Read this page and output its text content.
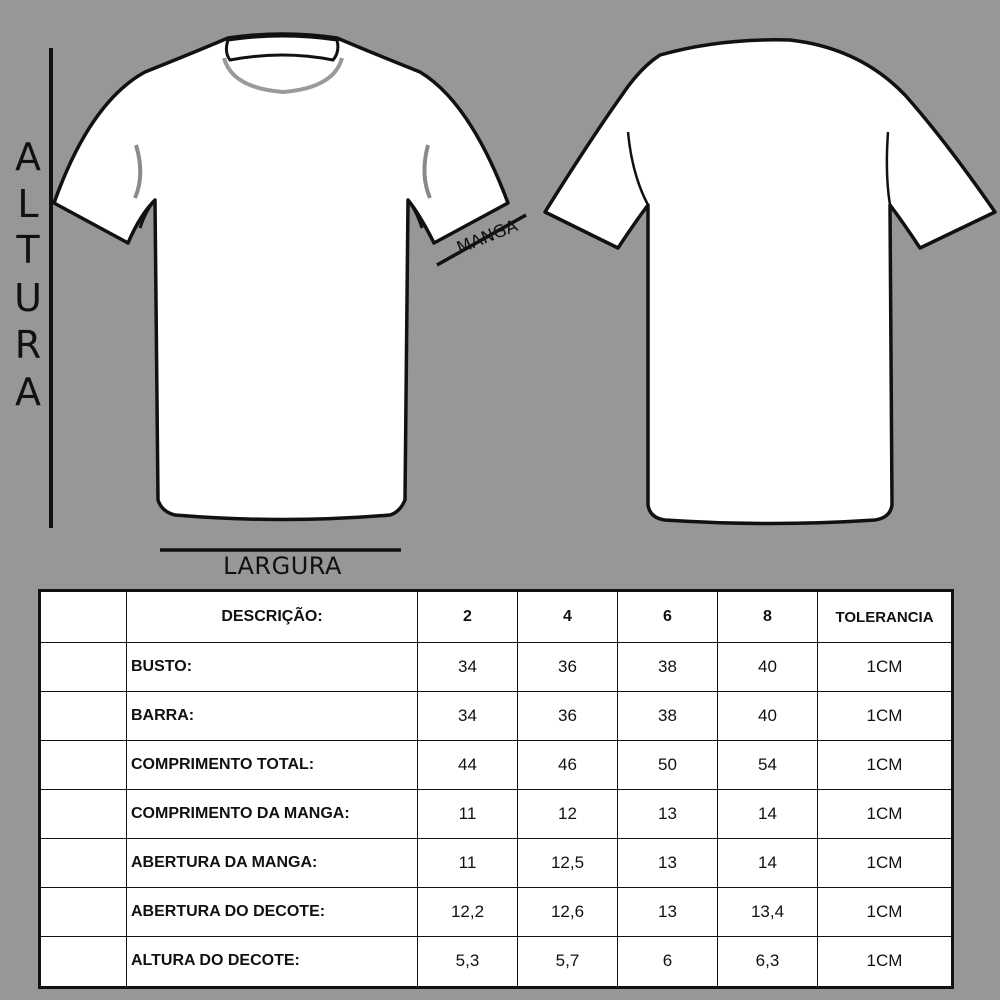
A
L
T
U
R
A
LARGURA
MANGA
	DESCRIÇÃO:	2	4	6	8	TOLERANCIA
	BUSTO:	34	36	38	40	1CM
	BARRA:	34	36	38	40	1CM
	COMPRIMENTO TOTAL:	44	46	50	54	1CM
	COMPRIMENTO DA MANGA:	11	12	13	14	1CM
	ABERTURA DA MANGA:	11	12,5	13	14	1CM
	ABERTURA DO DECOTE:	12,2	12,6	13	13,4	1CM
	ALTURA DO DECOTE:	5,3	5,7	6	6,3	1CM
